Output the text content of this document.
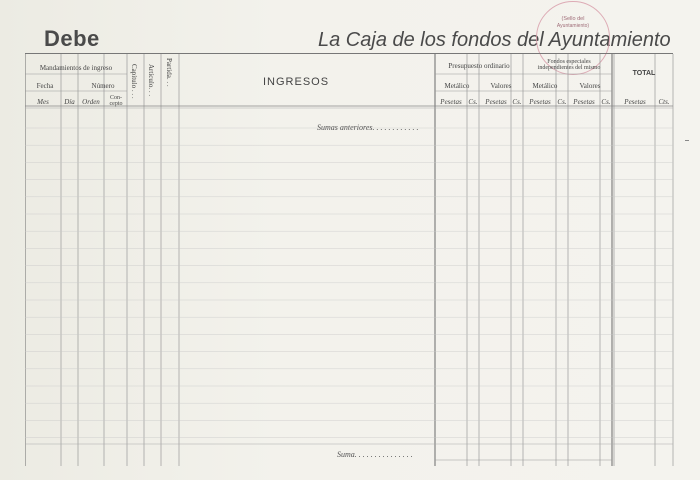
Debe	La Caja de los fondos del Ayuntamiento
(Sello del
Ayuntamiento)
Mandamientos de ingreso
Fecha	Número
Mes	Día	Orden	Con- cepto
Capítulo . . . Artículo. . . Partida. . .	INGRESOS
Presupuesto ordinario	Fondos especiales
independientes del mismo
TOTAL
Metálico	Valores	Metálico	Valores
Pesetas Cs.	Pesetas Cs.	Pesetas Cs. Pesetas Cs.	Pesetas	Cts.
Sumas anteriores. . . . . . . . . . . .
Suma. . . . . . . . . . . . . . .
